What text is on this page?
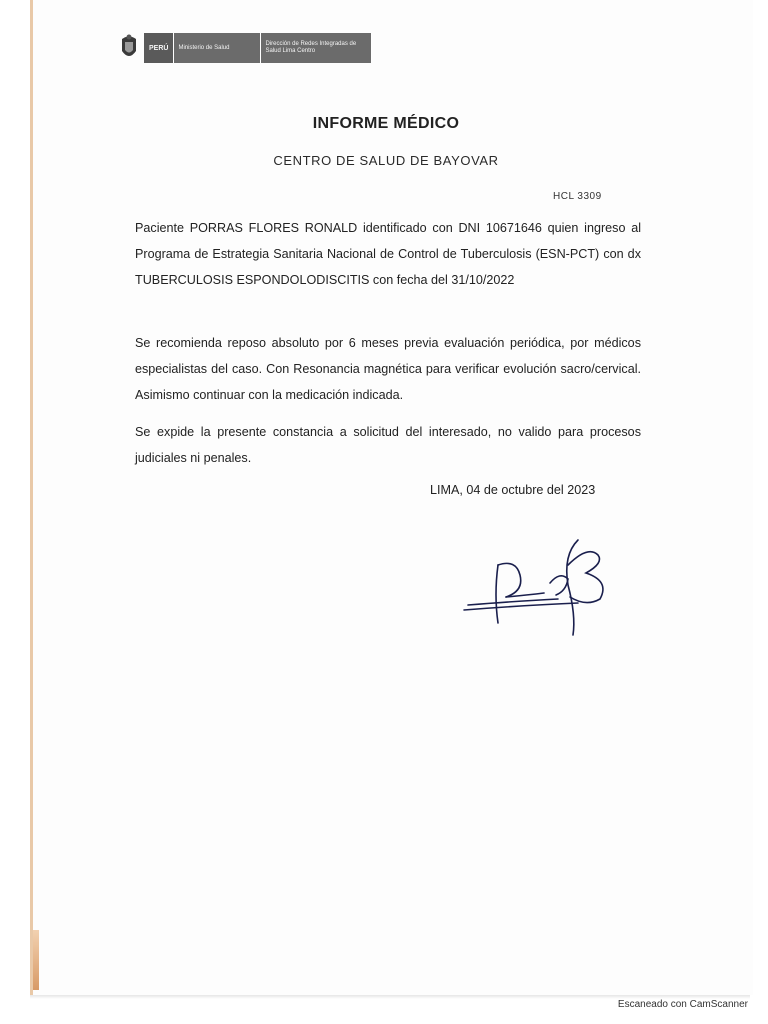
PERÚ	Ministerio de Salud
Dirección de Redes Integradas de Salud Lima Centro
INFORME MÉDICO
CENTRO DE SALUD DE BAYOVAR
HCL 3309
Paciente PORRAS FLORES RONALD identificado con DNI 10671646 quien ingreso al Programa de Estrategia Sanitaria Nacional de Control de Tuberculosis (ESN-PCT) con dx TUBERCULOSIS ESPONDOLODISCITIS con fecha del 31/10/2022
Se recomienda reposo absoluto por 6 meses previa evaluación periódica, por médicos especialistas del caso. Con Resonancia magnética para verificar evolución sacro/cervical. Asimismo continuar con la medicación indicada.
Se expide la presente constancia a solicitud del interesado, no valido para procesos judiciales ni penales.
LIMA, 04 de octubre del 2023
Escaneado con CamScanner
